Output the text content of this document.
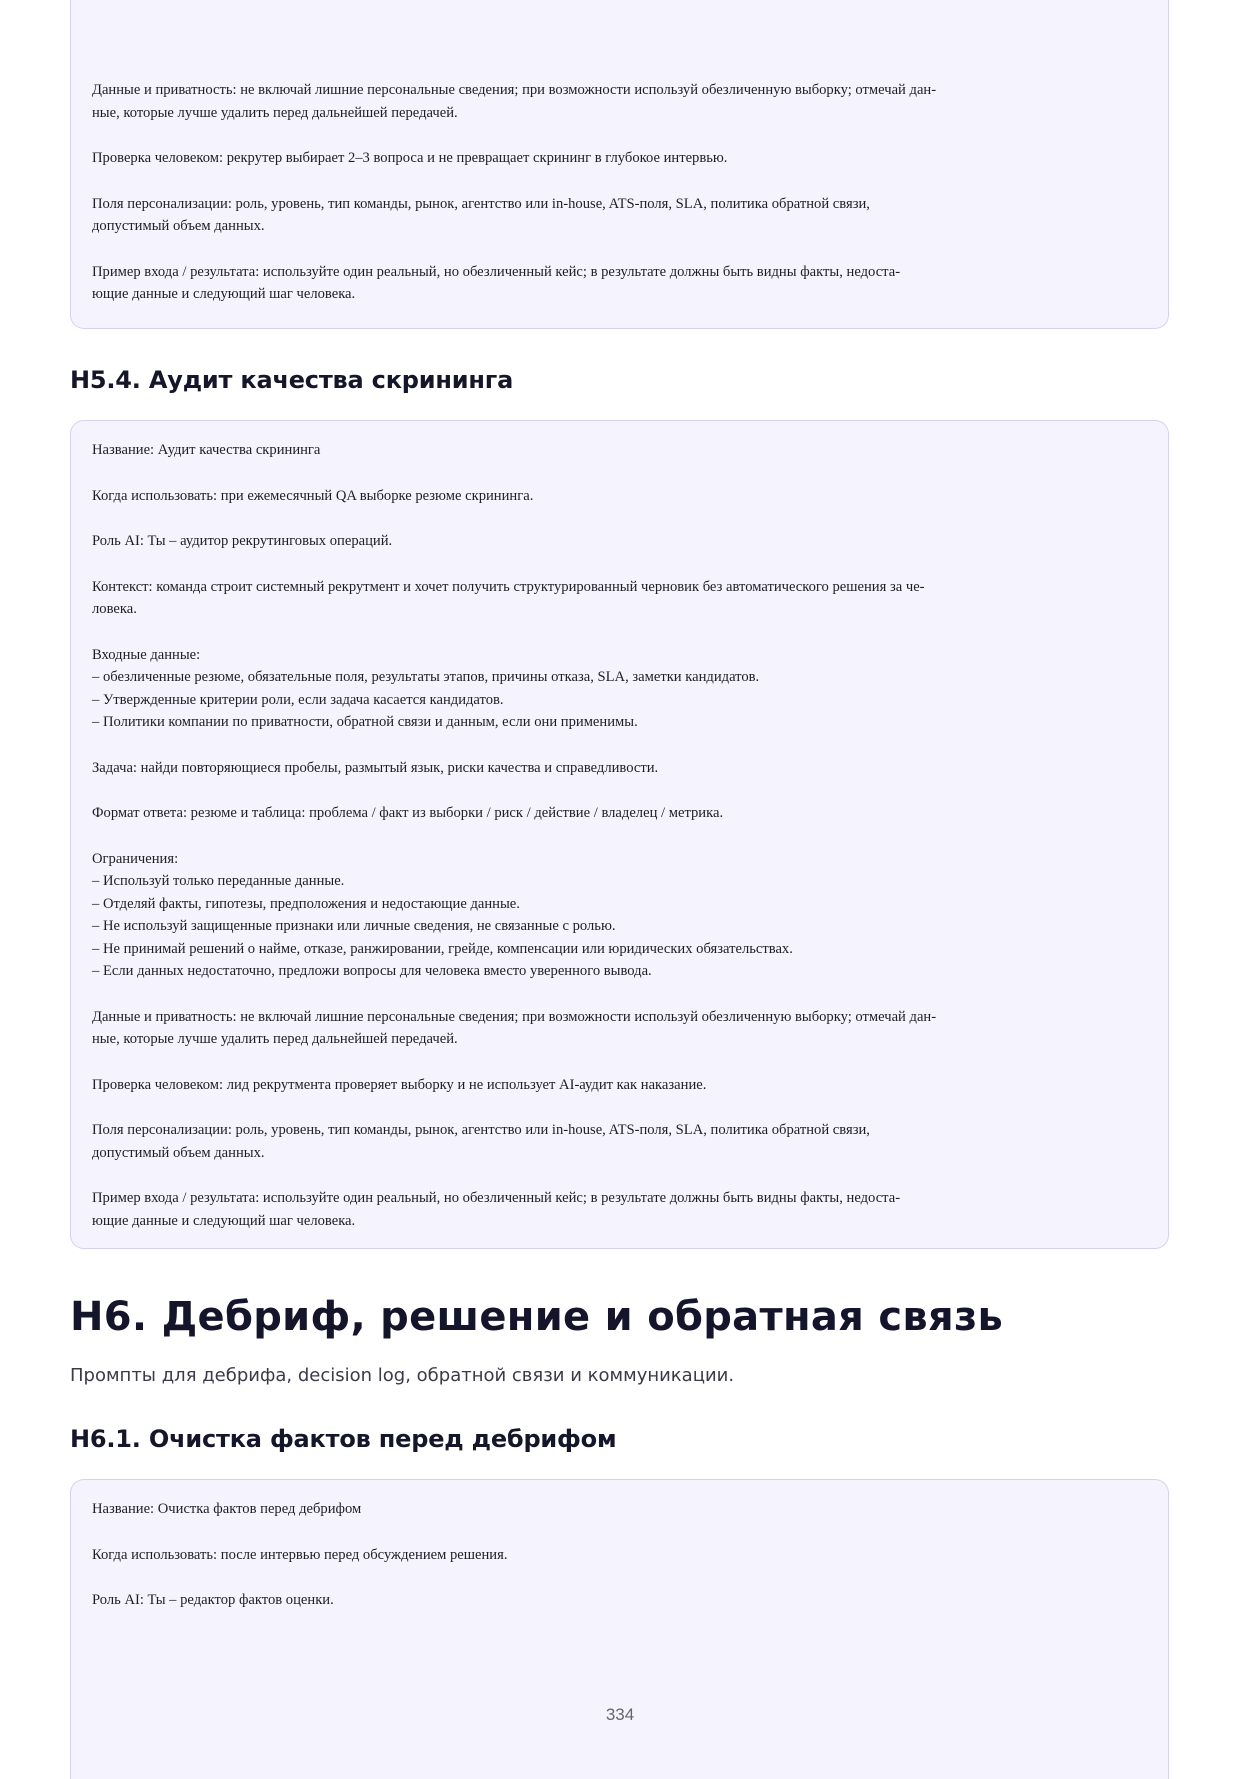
Данные и приватность: не включай лишние персональные сведения; при возможности используй обезличенную выборку; отмечай дан-
ные, которые лучше удалить перед дальнейшей передачей.

Проверка человеком: рекрутер выбирает 2–3 вопроса и не превращает скрининг в глубокое интервью.

Поля персонализации: роль, уровень, тип команды, рынок, агентство или in-house, ATS-поля, SLA, политика обратной связи,
допустимый объем данных.

Пример входа / результата: используйте один реальный, но обезличенный кейс; в результате должны быть видны факты, недоста-
ющие данные и следующий шаг человека.

H5.4. Аудит качества скрининга

Название: Аудит качества скрининга

Когда использовать: при ежемесячный QA выборке резюме скрининга.

Роль AI: Ты – аудитор рекрутинговых операций.

Контекст: команда строит системный рекрутмент и хочет получить структурированный черновик без автоматического решения за че-
ловека.

Входные данные:
– обезличенные резюме, обязательные поля, результаты этапов, причины отказа, SLA, заметки кандидатов.
– Утвержденные критерии роли, если задача касается кандидатов.
– Политики компании по приватности, обратной связи и данным, если они применимы.

Задача: найди повторяющиеся пробелы, размытый язык, риски качества и справедливости.

Формат ответа: резюме и таблица: проблема / факт из выборки / риск / действие / владелец / метрика.

Ограничения:
– Используй только переданные данные.
– Отделяй факты, гипотезы, предположения и недостающие данные.
– Не используй защищенные признаки или личные сведения, не связанные с ролью.
– Не принимай решений о найме, отказе, ранжировании, грейде, компенсации или юридических обязательствах.
– Если данных недостаточно, предложи вопросы для человека вместо уверенного вывода.

Данные и приватность: не включай лишние персональные сведения; при возможности используй обезличенную выборку; отмечай дан-
ные, которые лучше удалить перед дальнейшей передачей.

Проверка человеком: лид рекрутмента проверяет выборку и не использует AI-аудит как наказание.

Поля персонализации: роль, уровень, тип команды, рынок, агентство или in-house, ATS-поля, SLA, политика обратной связи,
допустимый объем данных.

Пример входа / результата: используйте один реальный, но обезличенный кейс; в результате должны быть видны факты, недоста-
ющие данные и следующий шаг человека.

H6. Дебриф, решение и обратная связь

Промпты для дебрифа, decision log, обратной связи и коммуникации.

H6.1. Очистка фактов перед дебрифом

Название: Очистка фактов перед дебрифом

Когда использовать: после интервью перед обсуждением решения.

Роль AI: Ты – редактор фактов оценки.

334
